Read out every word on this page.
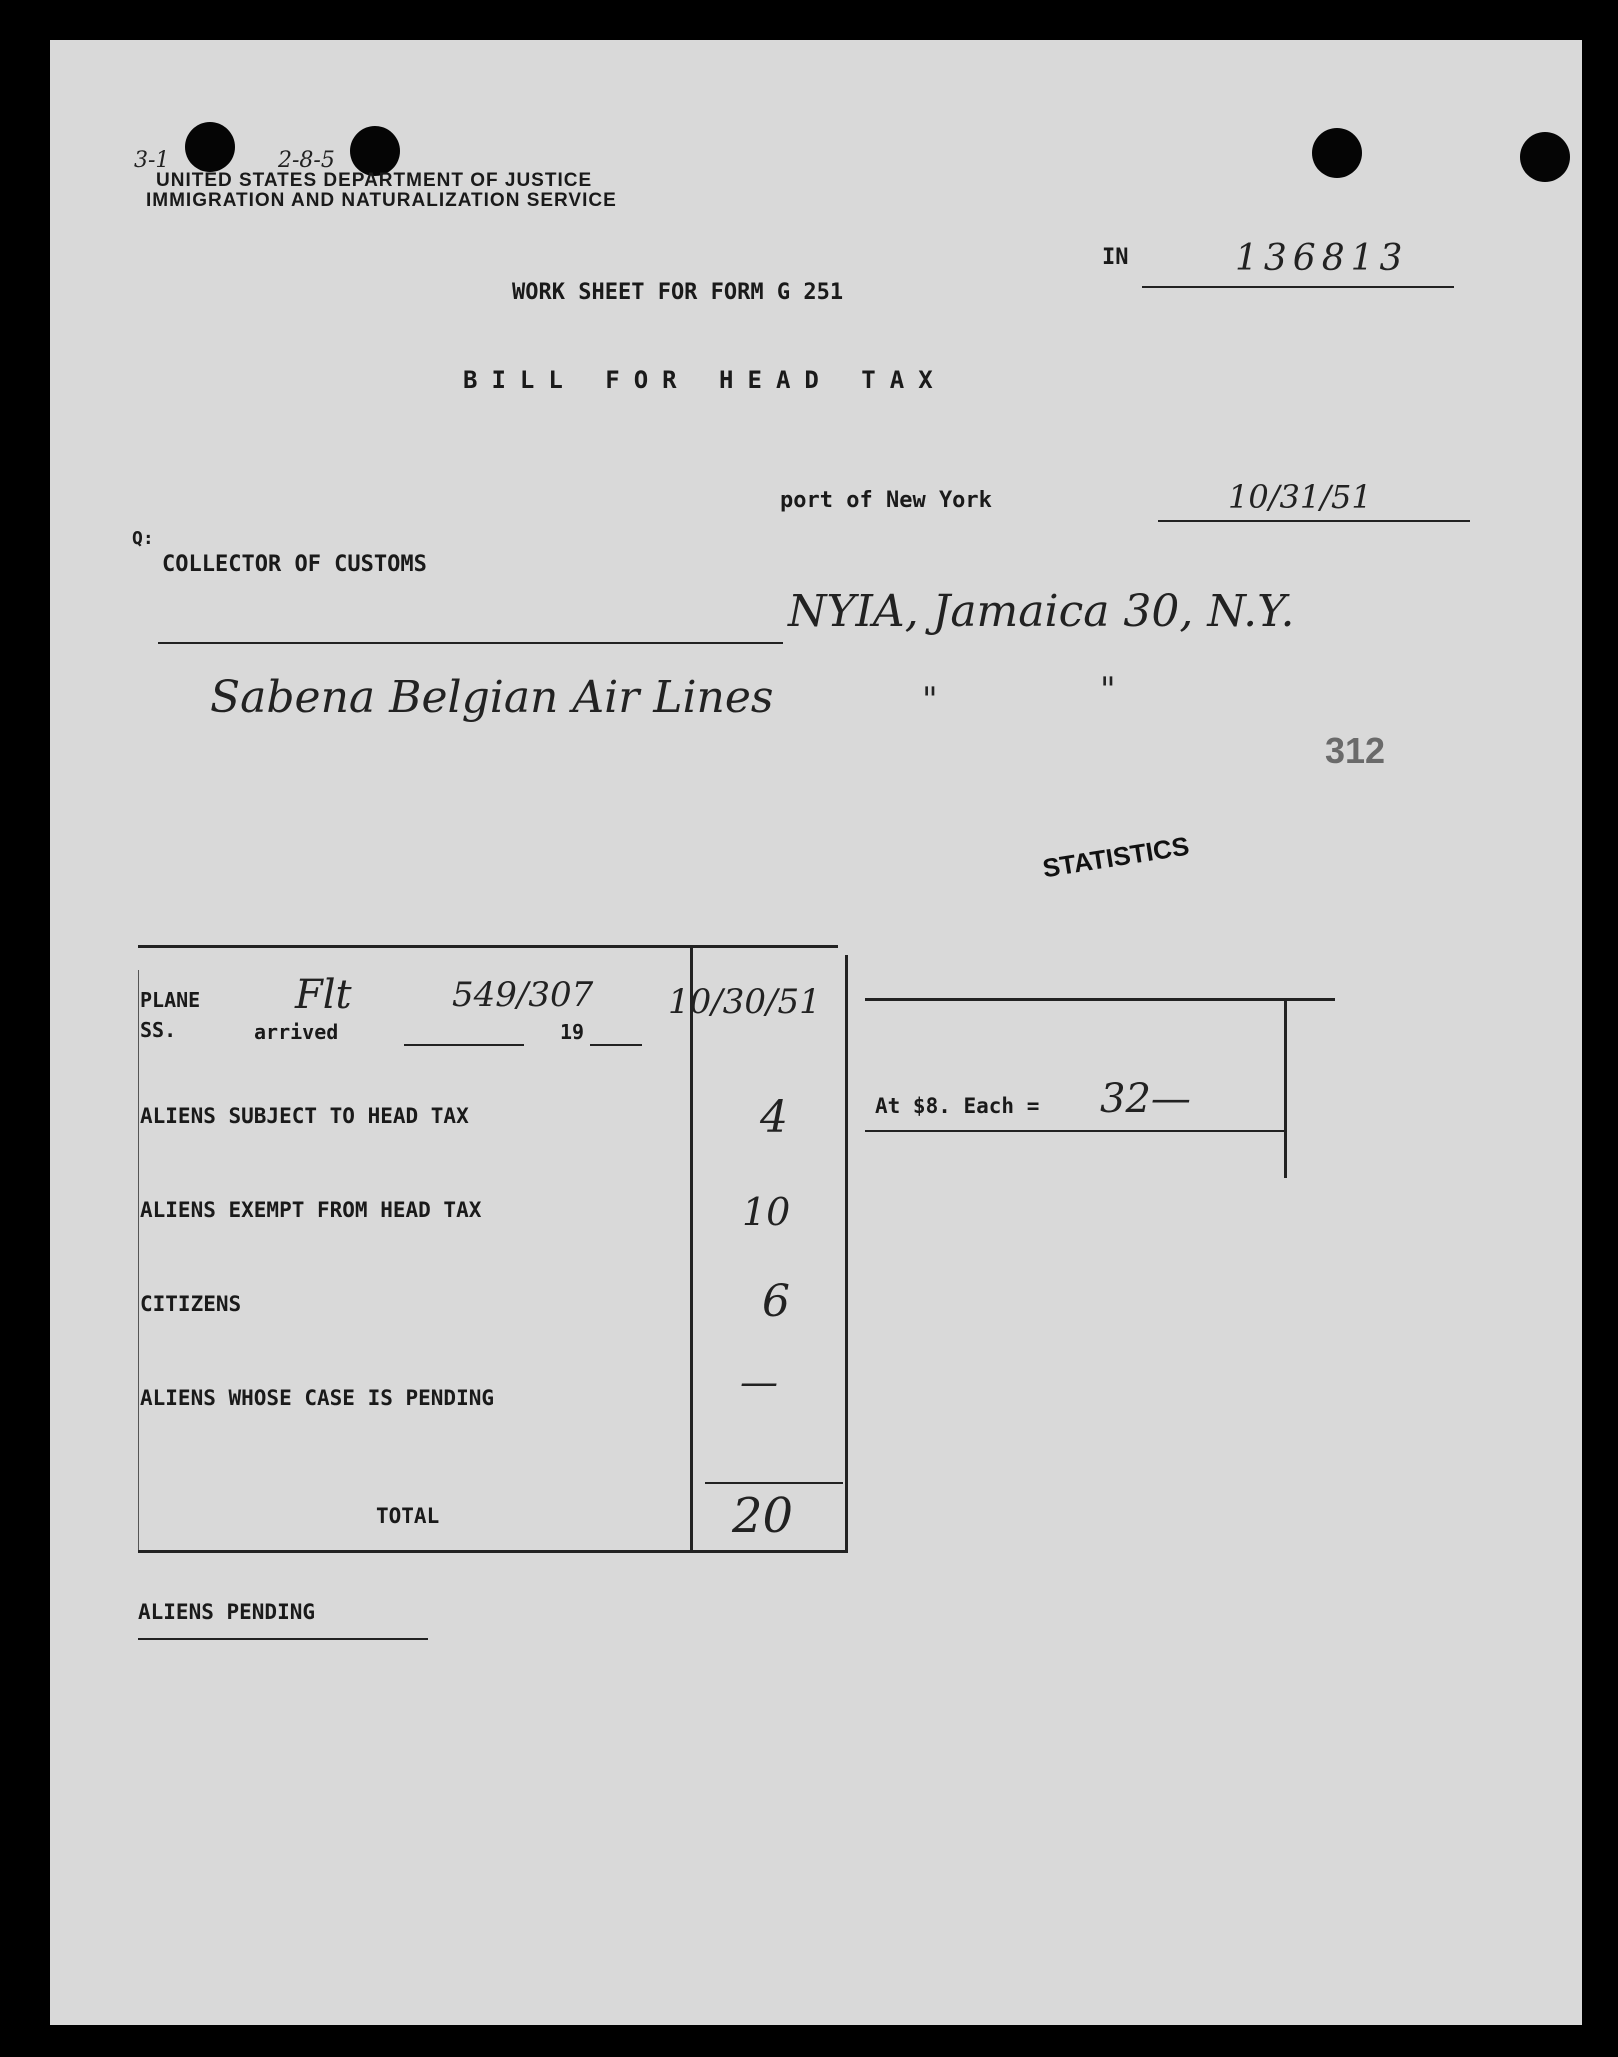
3-1	2-8-5
UNITED STATES DEPARTMENT OF JUSTICE
IMMIGRATION AND NATURALIZATION SERVICE
IN	136813
WORK SHEET FOR FORM G 251
BILL FOR HEAD TAX
port of New York	10/31/51
Q:
COLLECTOR OF CUSTOMS
NYIA, Jamaica 30, N.Y.
Sabena Belgian Air Lines	"	"
312
STATISTICS
PLANE
SS.	arrived	19
Flt	549/307 10/30/51
ALIENS SUBJECT TO HEAD TAX	4
ALIENS EXEMPT FROM HEAD TAX	10
CITIZENS	6
ALIENS WHOSE CASE IS PENDING	—
TOTAL	20
At $8. Each = 32—
ALIENS PENDING
